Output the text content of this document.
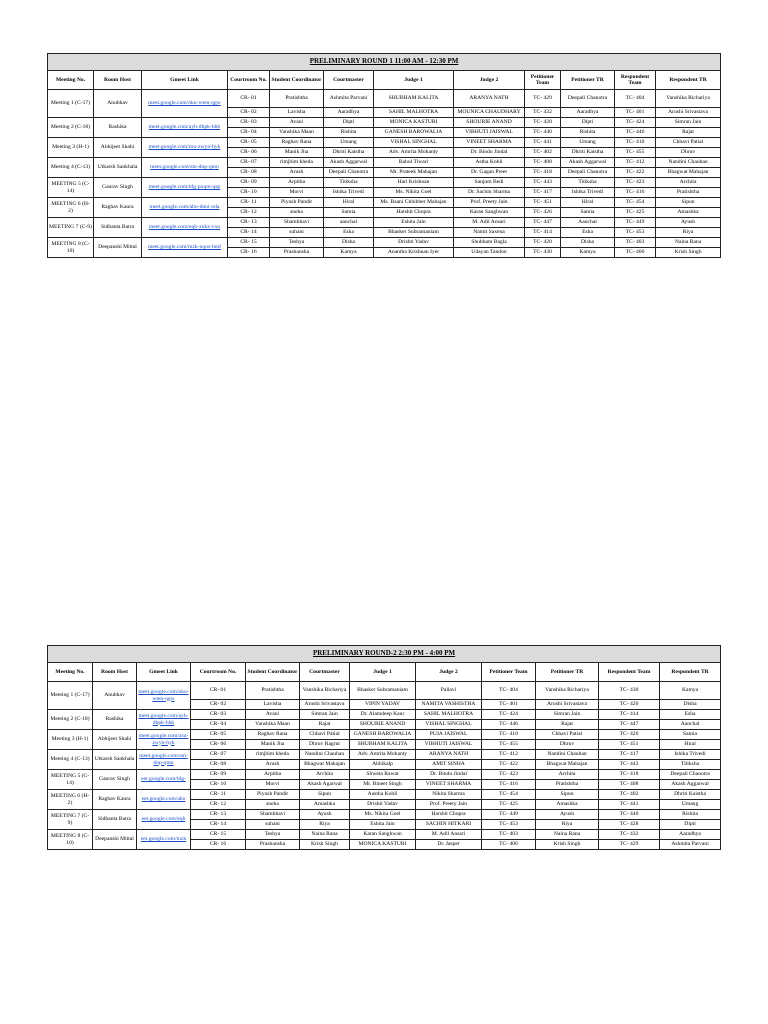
PRELIMINARY ROUND 1 11:00 AM - 12:30 PM											
Meeting No.	Room Host	Gmeet Link	Courtroom No.	Student Coordinator	Courtmaster	Judge 1	Judge 2	Petitioner Team	Petitioner TR	Respondent Team	Respondent TR
Meeting 1 (C-17)	Anubhav	meet.google.com/nku-wten-qgw	CR- 01	Pratishtha	Ashmita Parvani	SHUBHAM KALITA	ARANYA NATH	TC- 429	Deepali Chanotra	TC- 404	Vanshika Richariya
			CR- 02	Lavisha	Aaradhya	SAHIL MALHOTRA	MOUNICA CHAUDHARY	TC- 432	Aaradhya	TC- 401	Arushi Srivastava
Meeting 2 (C-18)	Rashika	meet.google.com/ayh-dbpk-hhb	CR- 03	Avani	Dipti	MONICA KASTURI	SHOURIE ANAND	TC- 428	Dipti	TC- 424	Simran Jain
			CR- 04	Vanshika Maan	Rishita	GANESH BAROWALIA	VIBHUTI JAISWAL	TC- 440	Rishita	TC- 446	Rajat
Meeting 3 (H-1)	Abhijeet Shahi	meet.google.com/zsu-zwyn-hyk	CR- 05	Raghav Rana	Umang	VISHAL SINGHAL	VINEET SHARMA	TC- 441	Umang	TC- 410	Chhavi Patial
			CR- 06	Manik Jha	Dhriti Kaistha	Adv. Amrita Mohanty	Dr. Bindu Jindal	TC- 402	Dhriti Kaistha	TC- 455	Dhruv
Meeting 4 (C-13)	Utkarsh Sankhala	meet.google.com/sm-dnp-qmu	CR- 07	rimjhim kheda	Akash Aggarwal	Rahul Tiwari	Astha Kohli	TC- 408	Akash Aggarwal	TC- 412	Nandini Chauhan
			CR- 08	Arush	Deepali Chanotra	Mr. Prateek Mahajan	Dr. Gagan Preet	TC- 418	Deepali Chanotra	TC- 422	Bhagwat Mahajan
MEETING 5 (C-14)	Gaurav Singh	meet.google.com/tdg-pxqm-qsp	CR- 09	Arpitha	Titiksha	Hari Krishnan	Sanjum Bedi	TC- 443	Titiksha	TC- 423	Archita
			CR- 10	Morvi	Ishika Trivedi	Ms. Nikita Goel	Dr. Sachin Sharma	TC- 417	Ishika Trivedi	TC- 416	Pratishtha
MEETING 6 (H-2)	Raghav Kaura	meet.google.com/abo-dnni-oda	CR- 11	Piyush Pandit	Hiral	Ms. Baani Chhibber Mahajan	Prof. Preety Jain	TC- 451	Hiral	TC- 454	Sipun
			CR- 12	sneha	Samia	Harshit Chopra	Karan Sanghwan	TC- 426	Samia	TC- 425	Amashka
MEETING 7 (C-9)	Sidhanta Batra	meet.google.com/eqh-xnkz-vxu	CR- 13	Shambhavi	aanchal	Eshita Jain	M. Adil Ansari	TC- 447	Aanchal	TC- 449	Ayush
			CR- 14	suhani	Esha	Bhasker Subramaniam	Namit Saxena	TC- 414	Esha	TC- 453	Riya
MEETING 8 (C-10)	Deepanshi Mittal	meet.google.com/mzk-nqos-bmf	CR- 15	Teshya	Disha	Drishti Yadav	Shubham Bagla	TC- 420	Disha	TC- 403	Naina Rana
			CR- 16	Prashansha	Kamya	Anantha Krishnan Iyer	Udayan Tandon	TC- 430	Kamya	TC- 406	Krish Singh
PRELIMINARY ROUND-2 2:30 PM - 4:00 PM											
Meeting No.	Room Host	Gmeet Link	Courtroom No.	Student Coordinator	Courtmaster	Judge 1	Judge 2	Petitioner Team	Petitioner TR	Respondent Team	Respondent TR
Meeting 1 (C-17)	Anubhav	meet.google.com/nku-wten-qgw	CR- 01	Pratishtha	Vanshika Richariya	Bhasker Subramaniam	Pallavi	TC- 404	Vanshika Richariya	TC- 430	Kamya
			CR- 02	Lavisha	Arushi Srivastava	VIPIN YADAV	NAMITA VASHISTHA	TC- 401	Arushi Srivastava	TC- 420	Disha
Meeting 2 (C-18)	Rashika	meet.google.com/ayh-dbpk-hhb	CR- 03	Avani	Simran Jain	Dr. Alamdeep Kaur	SAHIL MALHOTRA	TC- 424	Simran Jain	TC- 414	Esha
			CR- 04	Vanshika Maan	Rajat	SHOURIE ANAND	VISHAL SINGHAL	TC- 446	Rajat	TC- 447	Aanchal
Meeting 3 (H-1)	Abhijeet Shahi	meet.google.com/zsu-zwyn-hyk	CR- 05	Raghav Rana	Chhavi Patial	GANESH BAROWALIA	PUJA JAISWAL	TC- 410	Chhavi Patial	TC- 426	Samia
			CR- 06	Manik Jha	Dhruv Ragrut	SHUBHAM KALITA	VIBHUTI JAISWAL	TC- 455	Dhruv	TC- 451	Hiral
Meeting 4 (C-13)	Utkarsh Sankhala	meet.google.com/sm-dnp-qmu	CR- 07	rimjhim kheda	Nandini Chauhan	Adv. Amrita Mohanty	ARANYA NATH	TC- 412	Nandini Chauhan	TC- 417	Ishika Trivedi
			CR- 08	Arush	Bhagwat Mahajan	Abhikalp	AMIT SINHA	TC- 422	Bhagwat Mahajan	TC- 443	Titiksha
MEETING 5 (C-14)	Gaurav Singh	eet.google.com/tdg-	CR- 09	Arpitha	Archita	Shweta Rawat	Dr. Bindu Jindal	TC- 423	Archita	TC- 418	Deepali Chanotra
			CR- 10	Morvi	Akash Agarwal	Mr. Bineet Singh	VINEET SHARMA	TC- 416	Pratishtha	TC- 408	Akash Aggarwal
MEETING 6 (H-2)	Raghav Kaura	eet.google.com/abo	CR- 11	Piyush Pandit	Sipun	Aastha Kohli	Nikita Sharma	TC- 454	Sipun	TC- 402	Dhriti Kaistha
			CR- 12	sneha	Amashka	Drishti Yadav	Prof. Preety Jain	TC- 425	Amashka	TC- 441	Umang
MEETING 7 (C-9)	Sidhanta Batra	eet.google.com/eqh	CR- 13	Shambhavi	Ayush	Ms. Nikita Goel	Harshit Chopra	TC- 449	Ayush	TC- 440	Rishita
			CR- 14	suhani	Riya	Eshita Jain	SACHIN HITKARI	TC- 453	Riya	TC- 428	Dipti
MEETING 8 (C-10)	Deepanshi Mittal	eet.google.com/mzk	CR- 15	Teshya	Naina Rana	Karan Sanghwan	M. Adil Ansari	TC- 403	Naina Rana	TC- 432	Aaradhya
			CR- 16	Prashansha	Krish Singh	MONICA KASTURI	Dr. Jasper	TC- 406	Krish Singh	TC- 429	Ashmita Parvani
